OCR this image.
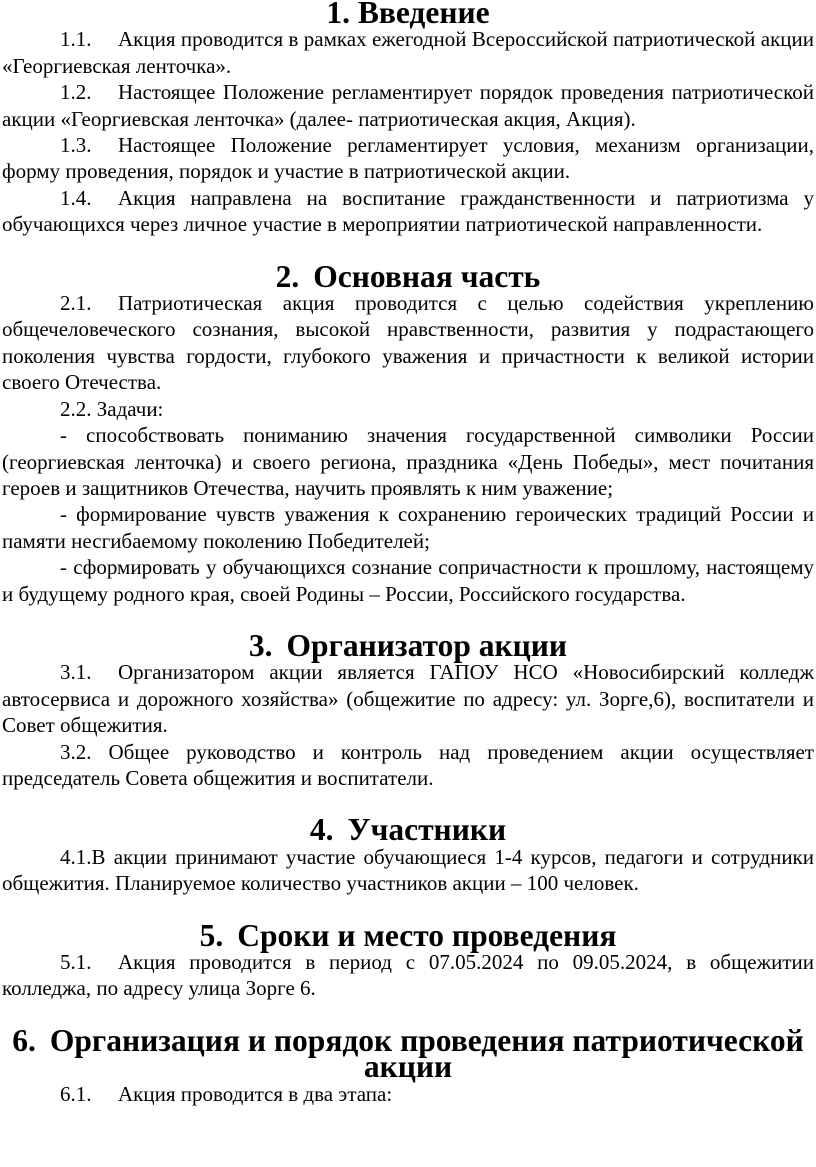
1. Введение

1.1. Акция проводится в рамках ежегодной Всероссийской патриотической акции «Георгиевская ленточка».

1.2. Настоящее Положение регламентирует порядок проведения патриотической акции «Георгиевская ленточка» (далее- патриотическая акция, Акция).

1.3. Настоящее Положение регламентирует условия, механизм организации, форму проведения, порядок и участие в патриотической акции.

1.4. Акция направлена на воспитание гражданственности и патриотизма у обучающихся через личное участие в мероприятии патриотической направленности.

2. Основная часть

2.1. Патриотическая акция проводится с целью содействия укреплению общечеловеческого сознания, высокой нравственности, развития у подрастающего поколения чувства гордости, глубокого уважения и причастности к великой истории своего Отечества.

2.2. Задачи:

- способствовать пониманию значения государственной символики России (георгиевская ленточка) и своего региона, праздника «День Победы», мест почитания героев и защитников Отечества, научить проявлять к ним уважение;

- формирование чувств уважения к сохранению героических традиций России и памяти несгибаемому поколению Победителей;

- сформировать у обучающихся сознание сопричастности к прошлому, настоящему и будущему родного края, своей Родины – России, Российского государства.

3. Организатор акции

3.1. Организатором акции является ГАПОУ НСО «Новосибирский колледж автосервиса и дорожного хозяйства» (общежитие по адресу: ул. Зорге,6), воспитатели и Совет общежития.

3.2. Общее руководство и контроль над проведением акции осуществляет председатель Совета общежития и воспитатели.

4. Участники

4.1.В акции принимают участие обучающиеся 1-4 курсов, педагоги и сотрудники общежития. Планируемое количество участников акции – 100 человек.

5. Сроки и место проведения

5.1. Акция проводится в период с 07.05.2024 по 09.05.2024, в общежитии колледжа, по адресу улица Зорге 6.

6. Организация и порядок проведения патриотической акции

6.1. Акция проводится в два этапа:
